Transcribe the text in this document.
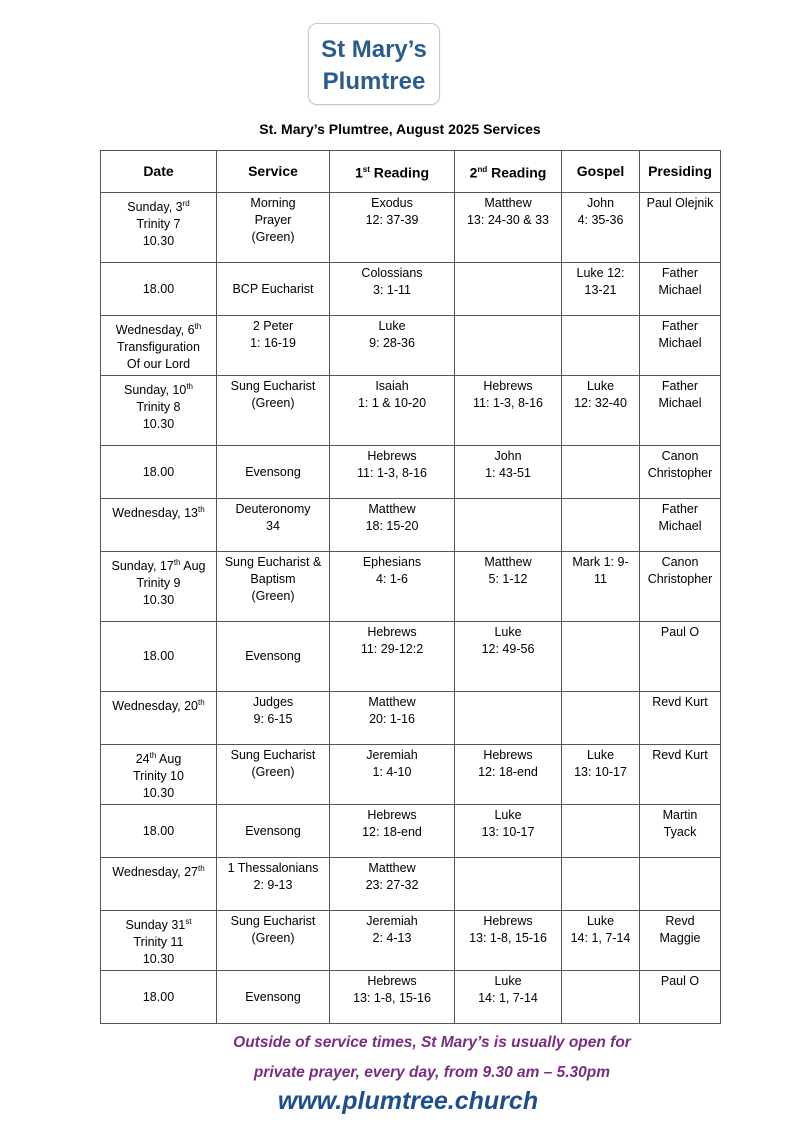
St Mary’s
Plumtree
St. Mary’s Plumtree, August 2025 Services
Date	Service	1st Reading	2nd Reading	Gospel	Presiding
Sunday, 3rd
Trinity 7
10.30	Morning
Prayer
(Green)	Exodus
12: 37-39	Matthew
13: 24-30 & 33	John
4: 35-36	Paul Olejnik
18.00	BCP Eucharist	Colossians
3: 1-11		Luke 12:
13-21	Father
Michael
Wednesday, 6th
Transfiguration
Of our Lord	2 Peter
1: 16-19	Luke
9: 28-36			Father
Michael
Sunday, 10th
Trinity 8
10.30	Sung Eucharist
(Green)	Isaiah
1: 1 & 10-20	Hebrews
11: 1-3, 8-16	Luke
12: 32-40	Father
Michael
18.00	Evensong	Hebrews
11: 1-3, 8-16	John
1: 43-51		Canon
Christopher
Wednesday, 13th	Deuteronomy
34	Matthew
18: 15-20			Father
Michael
Sunday, 17th Aug
Trinity 9
10.30	Sung Eucharist &
Baptism
(Green)	Ephesians
4: 1-6	Matthew
5: 1-12	Mark 1: 9-
11	Canon
Christopher
18.00	Evensong	Hebrews
11: 29-12:2	Luke
12: 49-56		Paul O
Wednesday, 20th	Judges
9: 6-15	Matthew
20: 1-16			Revd Kurt
24th Aug
Trinity 10
10.30	Sung Eucharist
(Green)	Jeremiah
1: 4-10	Hebrews
12: 18-end	Luke
13: 10-17	Revd Kurt
18.00	Evensong	Hebrews
12: 18-end	Luke
13: 10-17		Martin
Tyack
Wednesday, 27th	1 Thessalonians
2: 9-13	Matthew
23: 27-32			
Sunday 31st
Trinity 11
10.30	Sung Eucharist
(Green)	Jeremiah
2: 4-13	Hebrews
13: 1-8, 15-16	Luke
14: 1, 7-14	Revd
Maggie
18.00	Evensong	Hebrews
13: 1-8, 15-16	Luke
14: 1, 7-14		Paul O
Outside of service times, St Mary’s is usually open for
private prayer, every day, from 9.30 am – 5.30pm
www.plumtree.church
